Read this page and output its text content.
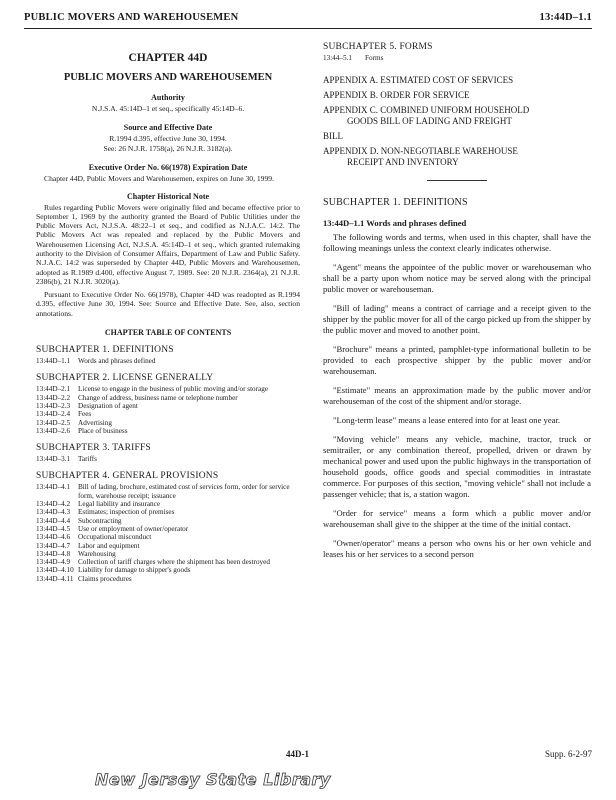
PUBLIC MOVERS AND WAREHOUSEMEN	13:44D–1.1
CHAPTER 44D
PUBLIC MOVERS AND WAREHOUSEMEN
Authority

N.J.S.A. 45:14D–1 et seq., specifically 45:14D–6.

Source and Effective Date

R.1994 d.395, effective June 30, 1994.

See: 26 N.J.R. 1758(a), 26 N.J.R. 3182(a).

Executive Order No. 66(1978) Expiration Date

Chapter 44D, Public Movers and Warehousemen, expires on June 30, 1999.

Chapter Historical Note

Rules regarding Public Movers were originally filed and became effective prior to September 1, 1969 by the authority granted the Board of Public Utilities under the Public Movers Act, N.J.S.A. 48:22–1 et seq., and codified as N.J.A.C. 14:2. The Public Movers Act was repealed and replaced by the Public Movers and Warehousemen Licensing Act, N.J.S.A. 45:14D–1 et seq., which granted rulemaking authority to the Division of Consumer Affairs, Department of Law and Public Safety. N.J.A.C. 14:2 was superseded by Chapter 44D, Public Movers and Warehousemen, adopted as R.1989 d.400, effective August 7, 1989. See: 20 N.J.R. 2364(a), 21 N.J.R. 2386(b), 21 N.J.R. 3020(a).

Pursuant to Executive Order No. 66(1978), Chapter 44D was readopted as R.1994 d.395, effective June 30, 1994. See: Source and Effective Date. See, also, section annotations.

CHAPTER TABLE OF CONTENTS
SUBCHAPTER 1. DEFINITIONS
13:44D–1.1	Words and phrases defined
SUBCHAPTER 2. LICENSE GENERALLY
13:44D–2.1	License to engage in the business of public moving and/or storage
13:44D–2.2	Change of address, business name or telephone number
13:44D–2.3	Designation of agent
13:44D–2.4	Fees
13:44D–2.5	Advertising
13:44D–2.6	Place of business
SUBCHAPTER 3. TARIFFS
13:44D–3.1	Tariffs
SUBCHAPTER 4. GENERAL PROVISIONS
13:44D–4.1	Bill of lading, brochure, estimated cost of services form, order for service form, warehouse receipt; issuance
13:44D–4.2	Legal liability and insurance
13:44D–4.3	Estimates; inspection of premises
13:44D–4.4	Subcontracting
13:44D–4.5	Use or employment of owner/operator
13:44D–4.6	Occupational misconduct
13:44D–4.7	Labor and equipment
13:44D–4.8	Warehousing
13:44D–4.9	Collection of tariff charges where the shipment has been destroyed
13:44D–4.10 Liability for damage to shipper's goods
13:44D–4.11 Claims procedures
SUBCHAPTER 5. FORMS
13:44–5.1	Forms
APPENDIX A. ESTIMATED COST OF SERVICES
APPENDIX B. ORDER FOR SERVICE
APPENDIX C. COMBINED UNIFORM HOUSEHOLD
GOODS BILL OF LADING AND FREIGHT
BILL
APPENDIX D. NON-NEGOTIABLE WAREHOUSE
RECEIPT AND INVENTORY
SUBCHAPTER 1. DEFINITIONS
13:44D–1.1 Words and phrases defined

The following words and terms, when used in this chapter, shall have the following meanings unless the context clearly indicates otherwise.

"Agent" means the appointee of the public mover or warehouseman who shall be a party upon whom notice may be served along with the principal public mover or warehouseman.

"Bill of lading" means a contract of carriage and a receipt given to the shipper by the public mover for all of the cargo picked up from the shipper by the public mover and moved to another point.

"Brochure" means a printed, pamphlet-type informational bulletin to be provided to each prospective shipper by the public mover and/or warehouseman.

"Estimate" means an approximation made by the public mover and/or warehouseman of the cost of the shipment and/or storage.

"Long-term lease" means a lease entered into for at least one year.

"Moving vehicle" means any vehicle, machine, tractor, truck or semitrailer, or any combination thereof, propelled, driven or drawn by mechanical power and used upon the public highways in the transportation of household goods, office goods and special commodities in intrastate commerce. For purposes of this section, "moving vehicle" shall not include a passenger vehicle; that is, a station wagon.

"Order for service" means a form which a public mover and/or warehouseman shall give to the shipper at the time of the initial contact.

"Owner/operator" means a person who owns his or her own vehicle and leases his or her services to a second person

44D-1	Supp. 6-2-97
New Jersey State Library
